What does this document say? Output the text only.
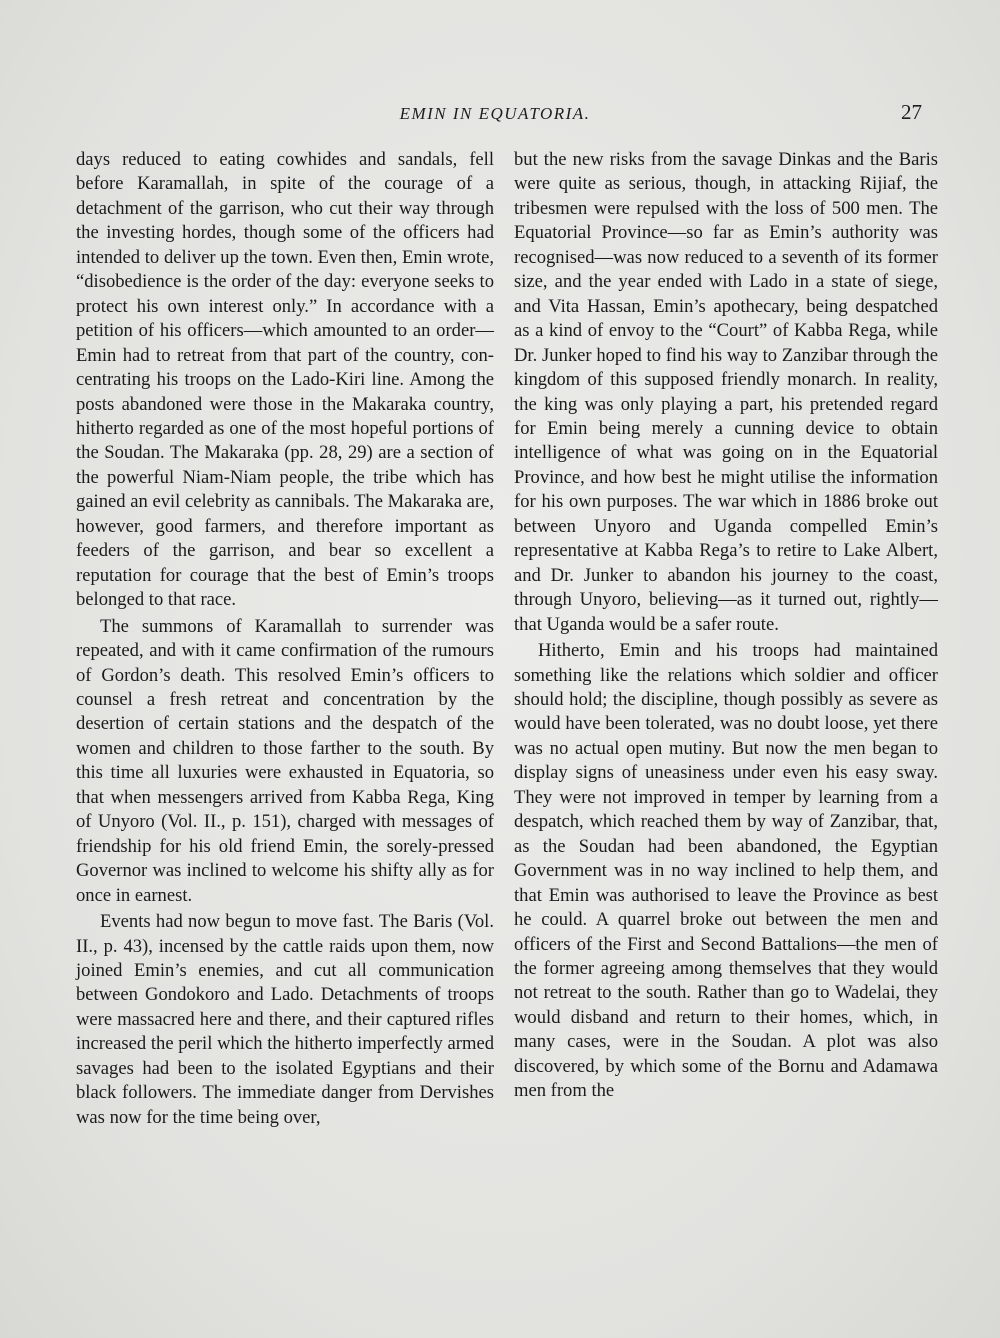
EMIN IN EQUATORIA.	27

days reduced to eating cowhides and sandals, fell before Karamallah, in spite of the courage of a detachment of the garrison, who cut their way through the investing hordes, though some of the officers had intended to deliver up the town. Even then, Emin wrote, “disobedience is the order of the day: everyone seeks to protect his own interest only.” In accordance with a petition of his officers—which amounted to an order—Emin had to retreat from that part of the country, concentrating his troops on the Lado-Kiri line. Among the posts abandoned were those in the Makaraka country, hitherto regarded as one of the most hopeful portions of the Soudan. The Makaraka (pp. 28, 29) are a section of the powerful Niam-Niam people, the tribe which has gained an evil celebrity as cannibals. The Makaraka are, however, good farmers, and therefore important as feeders of the garrison, and bear so excellent a reputation for courage that the best of Emin’s troops belonged to that race.

The summons of Karamallah to surrender was repeated, and with it came confirmation of the rumours of Gordon’s death. This resolved Emin’s officers to counsel a fresh retreat and concentration by the desertion of certain stations and the despatch of the women and children to those farther to the south. By this time all luxuries were exhausted in Equatoria, so that when messengers arrived from Kabba Rega, King of Unyoro (Vol. II., p. 151), charged with messages of friendship for his old friend Emin, the sorely-pressed Governor was inclined to welcome his shifty ally as for once in earnest.

Events had now begun to move fast. The Baris (Vol. II., p. 43), incensed by the cattle raids upon them, now joined Emin’s enemies, and cut all communication between Gondokoro and Lado. Detachments of troops were massacred here and there, and their captured rifles increased the peril which the hitherto imperfectly armed savages had been to the isolated Egyptians and their black followers. The immediate danger from Dervishes was now for the time being over,

but the new risks from the savage Dinkas and the Baris were quite as serious, though, in attacking Rijiaf, the tribesmen were repulsed with the loss of 500 men. The Equatorial Province—so far as Emin’s authority was recognised—was now reduced to a seventh of its former size, and the year ended with Lado in a state of siege, and Vita Hassan, Emin’s apothecary, being despatched as a kind of envoy to the “Court” of Kabba Rega, while Dr. Junker hoped to find his way to Zanzibar through the kingdom of this supposed friendly monarch. In reality, the king was only playing a part, his pretended regard for Emin being merely a cunning device to obtain intelligence of what was going on in the Equatorial Province, and how best he might utilise the information for his own purposes. The war which in 1886 broke out between Unyoro and Uganda compelled Emin’s representative at Kabba Rega’s to retire to Lake Albert, and Dr. Junker to abandon his journey to the coast, through Unyoro, believing—as it turned out, rightly—that Uganda would be a safer route.

Hitherto, Emin and his troops had maintained something like the relations which soldier and officer should hold; the discipline, though possibly as severe as would have been tolerated, was no doubt loose, yet there was no actual open mutiny. But now the men began to display signs of uneasiness under even his easy sway. They were not improved in temper by learning from a despatch, which reached them by way of Zanzibar, that, as the Soudan had been abandoned, the Egyptian Government was in no way inclined to help them, and that Emin was authorised to leave the Province as best he could. A quarrel broke out between the men and officers of the First and Second Battalions—the men of the former agreeing among themselves that they would not retreat to the south. Rather than go to Wadelai, they would disband and return to their homes, which, in many cases, were in the Soudan. A plot was also discovered, by which some of the Bornu and Adamawa men from the
